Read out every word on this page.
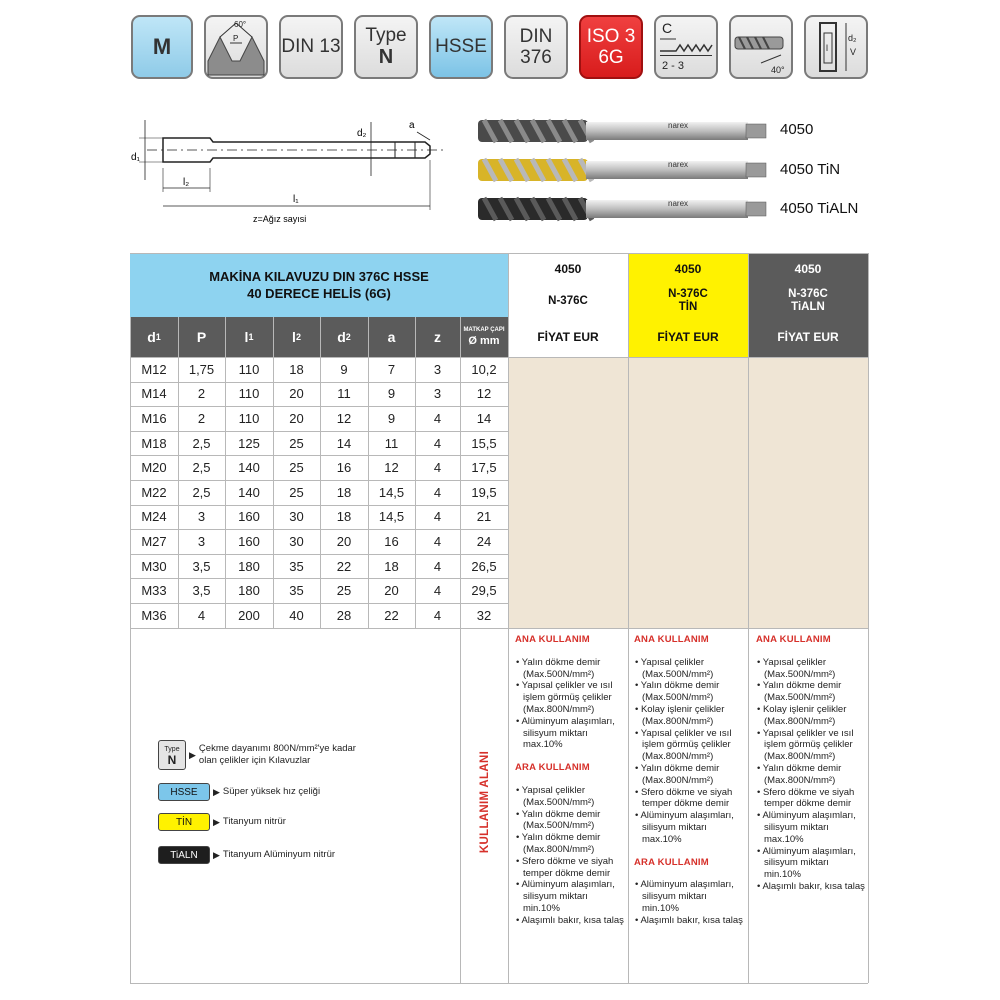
M
60°
P DIN 13
Type
N HSSE DIN
376
ISO 3
6G
C
2 - 3	40°
d₂
V
l
d₁
d₂
a
l₂
l₁
z=Ağız sayısi
narex	4050
narex	4050 TiN
narex	4050 TiALN
MAKİNA KILAVUZU DIN 376C HSSE
40 DERECE HELİS (6G)
4050
N-376C
FİYAT EUR
4050
N-376C
TİN
FİYAT EUR
4050
N-376C
TiALN
FİYAT EUR
d 1	P	l 1	l 2	d 2	a	z	MATKAP ÇAPI
Ø mm
M12	1,75	110	18	9	7	3	10,2
M14	2	110	20	11	9	3	12
M16	2	110	20	12	9	4	14
M18	2,5	125	25	14	11	4	15,5
M20	2,5	140	25	16	12	4	17,5
M22	2,5	140	25	18	14,5	4	19,5
M24	3	160	30	18	14,5	4	21
M27	3	160	30	20	16	4	24
M30	3,5	180	35	22	18	4	26,5
M33	3,5	180	35	25	20	4	29,5
M36	4	200	40	28	22	4	32
KULLANIM ALANI
ANA KULLANIM
• Yalın dökme demir (Max.500N/mm²)
• Yapısal çelikler ve ısıl işlem görmüş çelikler (Max.800N/mm²)
• Alüminyum alaşımları, silisyum miktarı max.10%
ARA KULLANIM
• Yapısal çelikler (Max.500N/mm²)
• Yalın dökme demir (Max.500N/mm²)
• Yalın dökme demir (Max.800N/mm²)
• Sfero dökme ve siyah temper dökme demir
• Alüminyum alaşımları, silisyum miktarı min.10%
• Alaşımlı bakır, kısa talaş
ANA KULLANIM
• Yapısal çelikler (Max.500N/mm²)
• Yalın dökme demir (Max.500N/mm²)
• Kolay işlenir çelikler (Max.800N/mm²)
• Yapısal çelikler ve ısıl işlem görmüş çelikler (Max.800N/mm²)
• Yalın dökme demir (Max.800N/mm²)
• Sfero dökme ve siyah temper dökme demir
• Alüminyum alaşımları, silisyum miktarı max.10%
ARA KULLANIM
• Alüminyum alaşımları, silisyum miktarı min.10%
• Alaşımlı bakır, kısa talaş
ANA KULLANIM
• Yapısal çelikler (Max.500N/mm²)
• Yalın dökme demir (Max.500N/mm²)
• Kolay işlenir çelikler (Max.800N/mm²)
• Yapısal çelikler ve ısıl işlem görmüş çelikler (Max.800N/mm²)
• Yalın dökme demir (Max.800N/mm²)
• Sfero dökme ve siyah temper dökme demir
• Alüminyum alaşımları, silisyum miktarı max.10%
• Alüminyum alaşımları, silisyum miktarı min.10%
• Alaşımlı bakır, kısa talaş
Type
N ▶
Çekme dayanımı 800N/mm²'ye kadar olan çelikler için Kılavuzlar
HSSE ▶ Süper yüksek hız çeliği
TİN ▶ Titanyum nitrür
TiALN ▶ Titanyum Alüminyum nitrür
